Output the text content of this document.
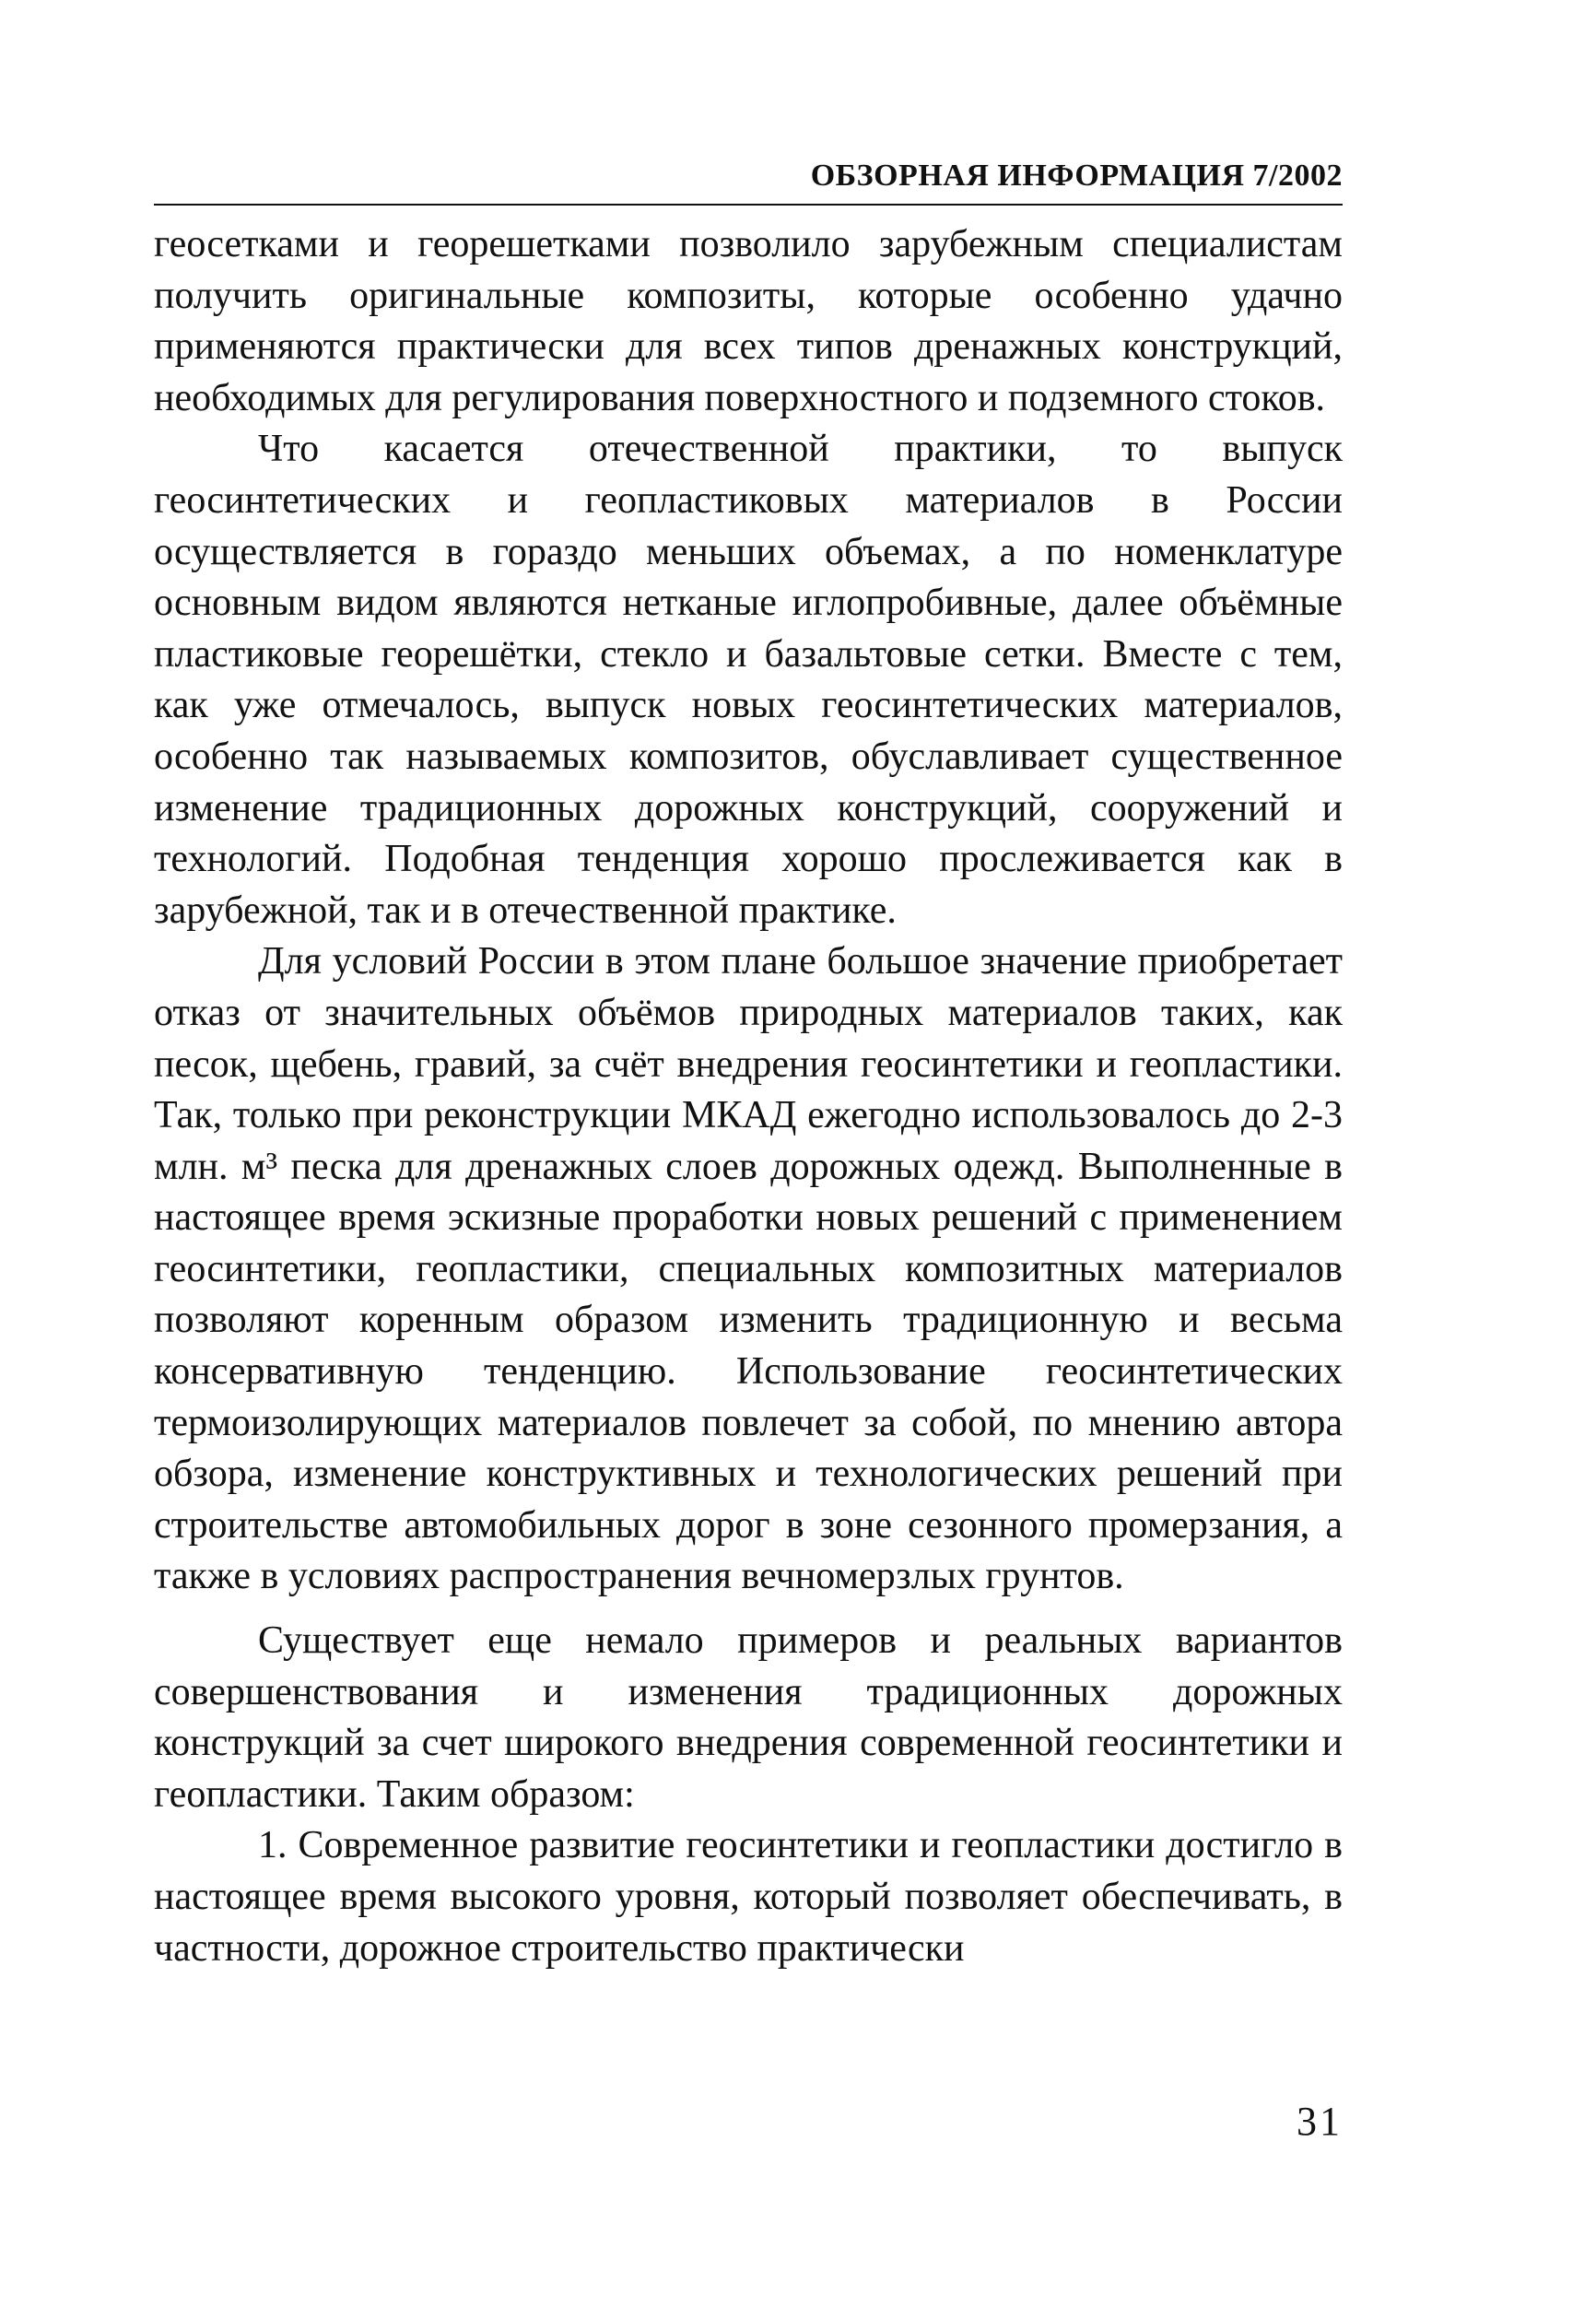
ОБЗОРНАЯ ИНФОРМАЦИЯ 7/2002

геосетками и георешетками позволило зарубежным специалистам получить оригинальные композиты, которые особенно удачно применяются практически для всех типов дренажных конструкций, необходимых для регулирования поверхностного и подземного стоков.

Что касается отечественной практики, то выпуск геосинтетических и геопластиковых материалов в России осуществляется в гораздо меньших объемах, а по номенклатуре основным видом являются нетканые иглопробивные, далее объёмные пластиковые георешётки, стекло и базальтовые сетки. Вместе с тем, как уже отмечалось, выпуск новых геосинтетических материалов, особенно так называемых композитов, обуславливает существенное изменение традиционных дорожных конструкций, сооружений и технологий. Подобная тенденция хорошо прослеживается как в зарубежной, так и в отечественной практике.

Для условий России в этом плане большое значение приобретает отказ от значительных объёмов природных материалов таких, как песок, щебень, гравий, за счёт внедрения геосинтетики и геопластики. Так, только при реконструкции МКАД ежегодно использовалось до 2-3 млн. м³ песка для дренажных слоев дорожных одежд. Выполненные в настоящее время эскизные проработки новых решений с применением геосинтетики, геопластики, специальных композитных материалов позволяют коренным образом изменить традиционную и весьма консервативную тенденцию. Использование геосинтетических термоизолирующих материалов повлечет за собой, по мнению автора обзора, изменение конструктивных и технологических решений при строительстве автомобильных дорог в зоне сезонного промерзания, а также в условиях распространения вечномерзлых грунтов.

Существует еще немало примеров и реальных вариантов совершенствования и изменения традиционных дорожных конструкций за счет широкого внедрения современной геосинтетики и геопластики. Таким образом:

1. Современное развитие геосинтетики и геопластики достигло в настоящее время высокого уровня, который позволяет обеспечивать, в частности, дорожное строительство практически

31
